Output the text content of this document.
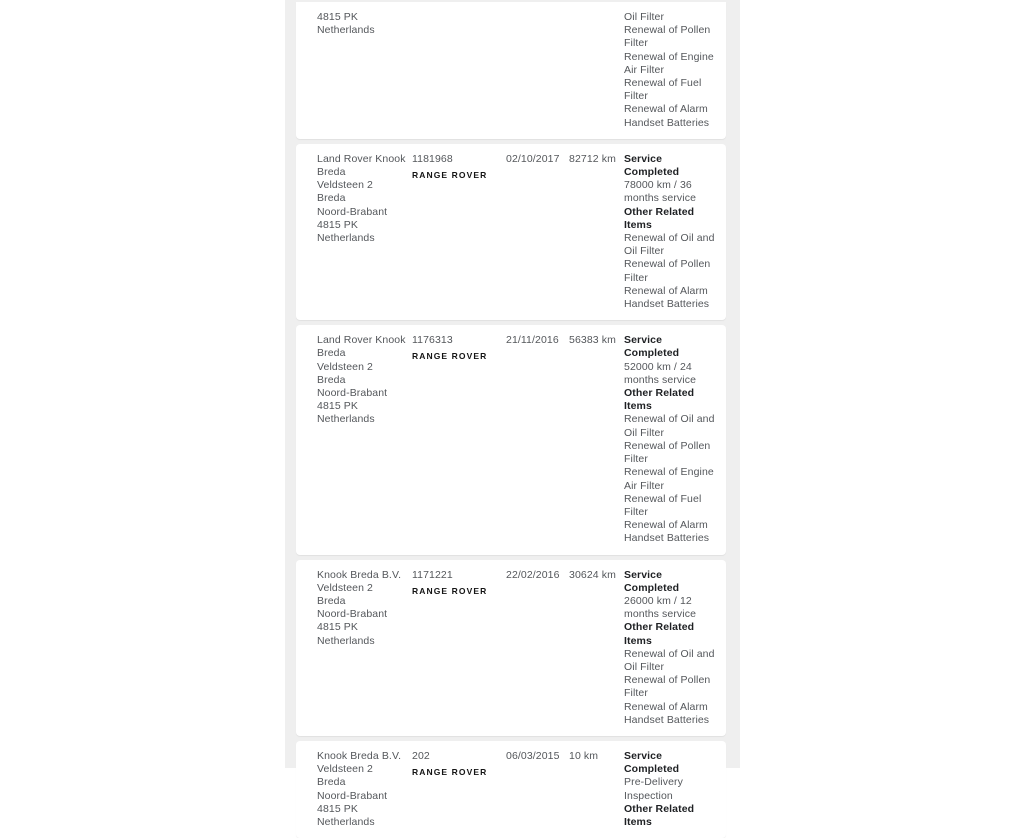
4815 PK
Netherlands
Oil Filter
Renewal of Pollen Filter
Renewal of Engine Air Filter
Renewal of Fuel Filter
Renewal of Alarm Handset Batteries
Land Rover Knook Breda
Veldsteen 2
Breda
Noord-Brabant
4815 PK
Netherlands
1181968
RANGE ROVER
02/10/2017 82712 km Service Completed
78000 km / 36 months service
Other Related Items
Renewal of Oil and Oil Filter
Renewal of Pollen Filter
Renewal of Alarm Handset Batteries
Land Rover Knook Breda
Veldsteen 2
Breda
Noord-Brabant
4815 PK
Netherlands
1176313
RANGE ROVER
21/11/2016 56383 km Service Completed
52000 km / 24 months service
Other Related Items
Renewal of Oil and Oil Filter
Renewal of Pollen Filter
Renewal of Engine Air Filter
Renewal of Fuel Filter
Renewal of Alarm Handset Batteries
Knook Breda B.V.
Veldsteen 2
Breda
Noord-Brabant
4815 PK
Netherlands
1171221
RANGE ROVER
22/02/2016 30624 km Service Completed
26000 km / 12 months service
Other Related Items
Renewal of Oil and Oil Filter
Renewal of Pollen Filter
Renewal of Alarm Handset Batteries
Knook Breda B.V.
Veldsteen 2
Breda
Noord-Brabant
4815 PK
Netherlands
202
RANGE ROVER
06/03/2015 10 km	Service Completed
Pre-Delivery Inspection
Other Related Items
